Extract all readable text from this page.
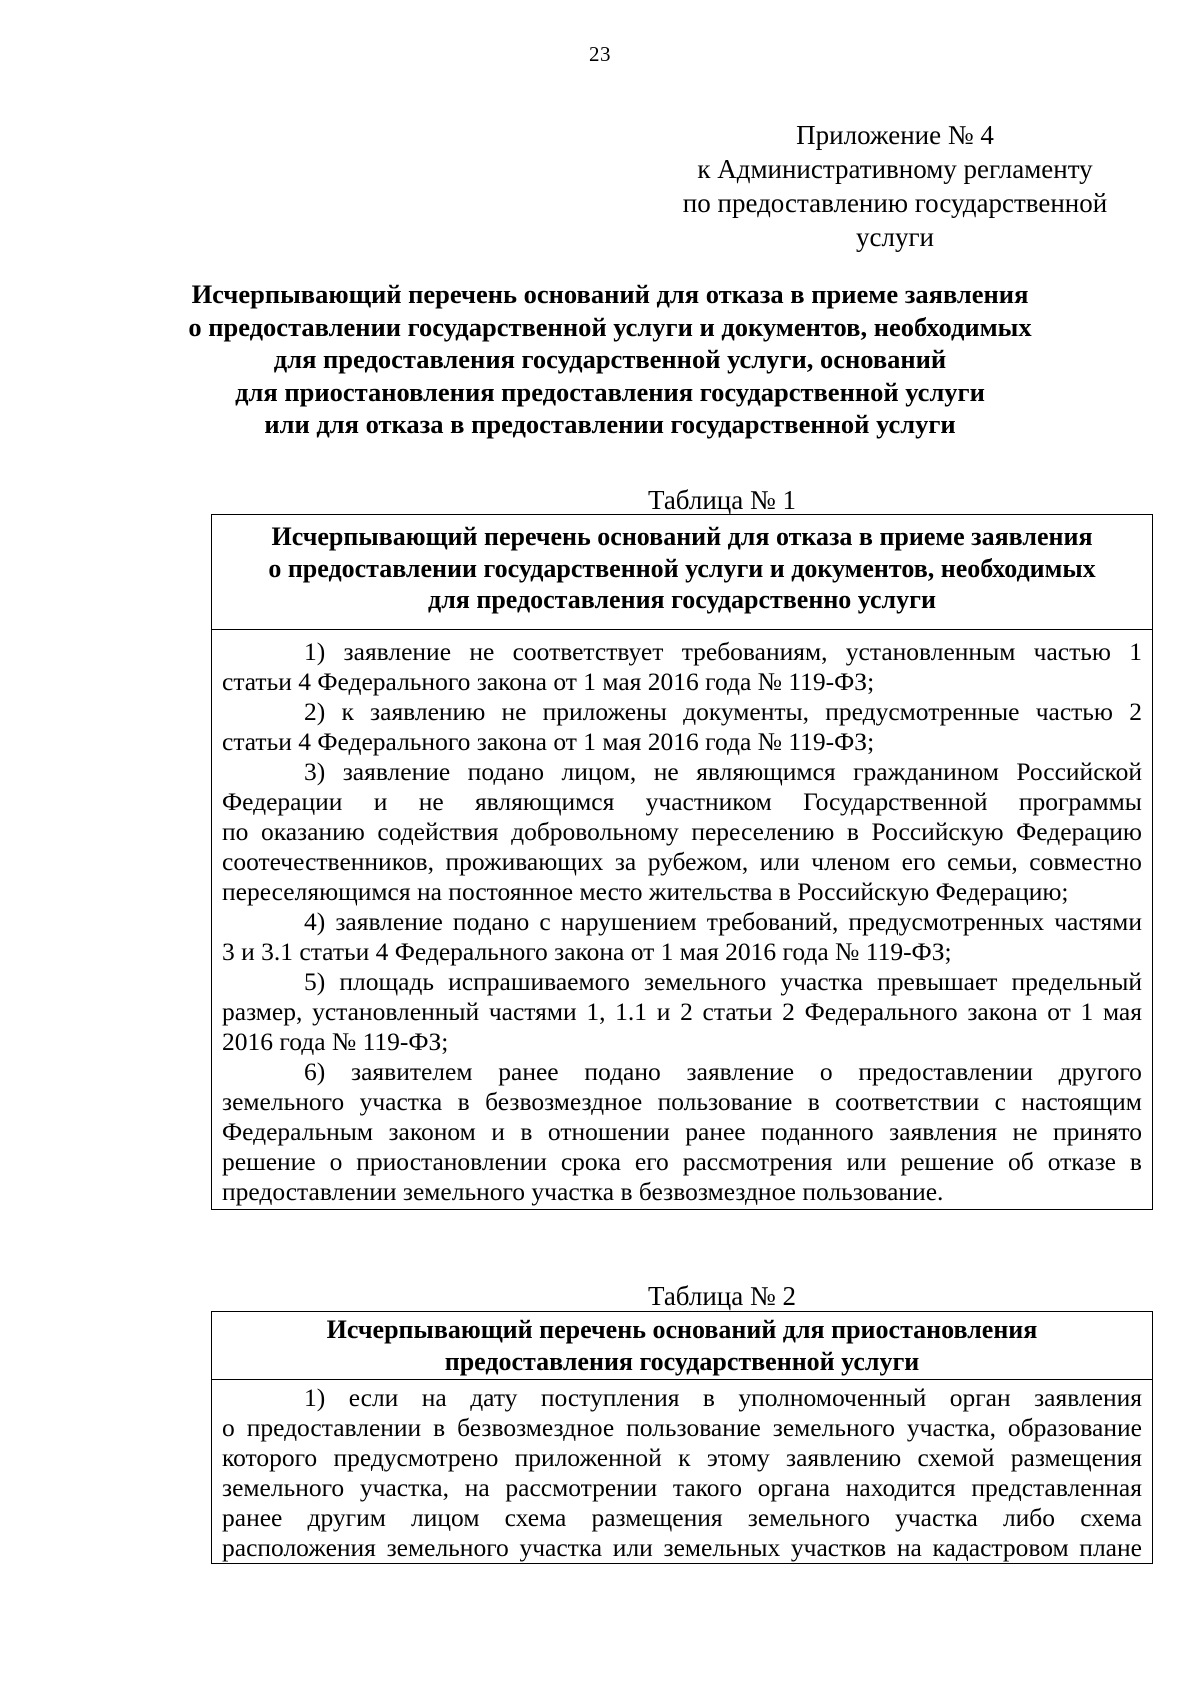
23
Приложение № 4
к Административному регламенту
по предоставлению государственной
услуги
Исчерпывающий перечень оснований для отказа в приеме заявления
о предоставлении государственной услуги и документов, необходимых
для предоставления государственной услуги, оснований
для приостановления предоставления государственной услуги
или для отказа в предоставлении государственной услуги
Таблица № 1
Исчерпывающий перечень оснований для отказа в приеме заявления
о предоставлении государственной услуги и документов, необходимых
для предоставления государственно услуги
1) заявление не соответствует требованиям, установленным частью 1
статьи 4 Федерального закона от 1 мая 2016 года № 119-ФЗ;
2) к заявлению не приложены документы, предусмотренные частью 2
статьи 4 Федерального закона от 1 мая 2016 года № 119-ФЗ;
3) заявление подано лицом, не являющимся гражданином Российской
Федерации и не являющимся участником Государственной программы
по оказанию содействия добровольному переселению в Российскую Федерацию
соотечественников, проживающих за рубежом, или членом его семьи, совместно
переселяющимся на постоянное место жительства в Российскую Федерацию;
4) заявление подано с нарушением требований, предусмотренных частями
3 и 3.1 статьи 4 Федерального закона от 1 мая 2016 года № 119-ФЗ;
5) площадь испрашиваемого земельного участка превышает предельный
размер, установленный частями 1, 1.1 и 2 статьи 2 Федерального закона от 1 мая
2016 года № 119-ФЗ;
6) заявителем ранее подано заявление о предоставлении другого
земельного участка в безвозмездное пользование в соответствии с настоящим
Федеральным законом и в отношении ранее поданного заявления не принято
решение о приостановлении срока его рассмотрения или решение об отказе в
предоставлении земельного участка в безвозмездное пользование.
Таблица № 2
Исчерпывающий перечень оснований для приостановления
предоставления государственной услуги
1) если на дату поступления в уполномоченный орган заявления
о предоставлении в безвозмездное пользование земельного участка, образование
которого предусмотрено приложенной к этому заявлению схемой размещения
земельного участка, на рассмотрении такого органа находится представленная
ранее другим лицом схема размещения земельного участка либо схема
расположения земельного участка или земельных участков на кадастровом плане
